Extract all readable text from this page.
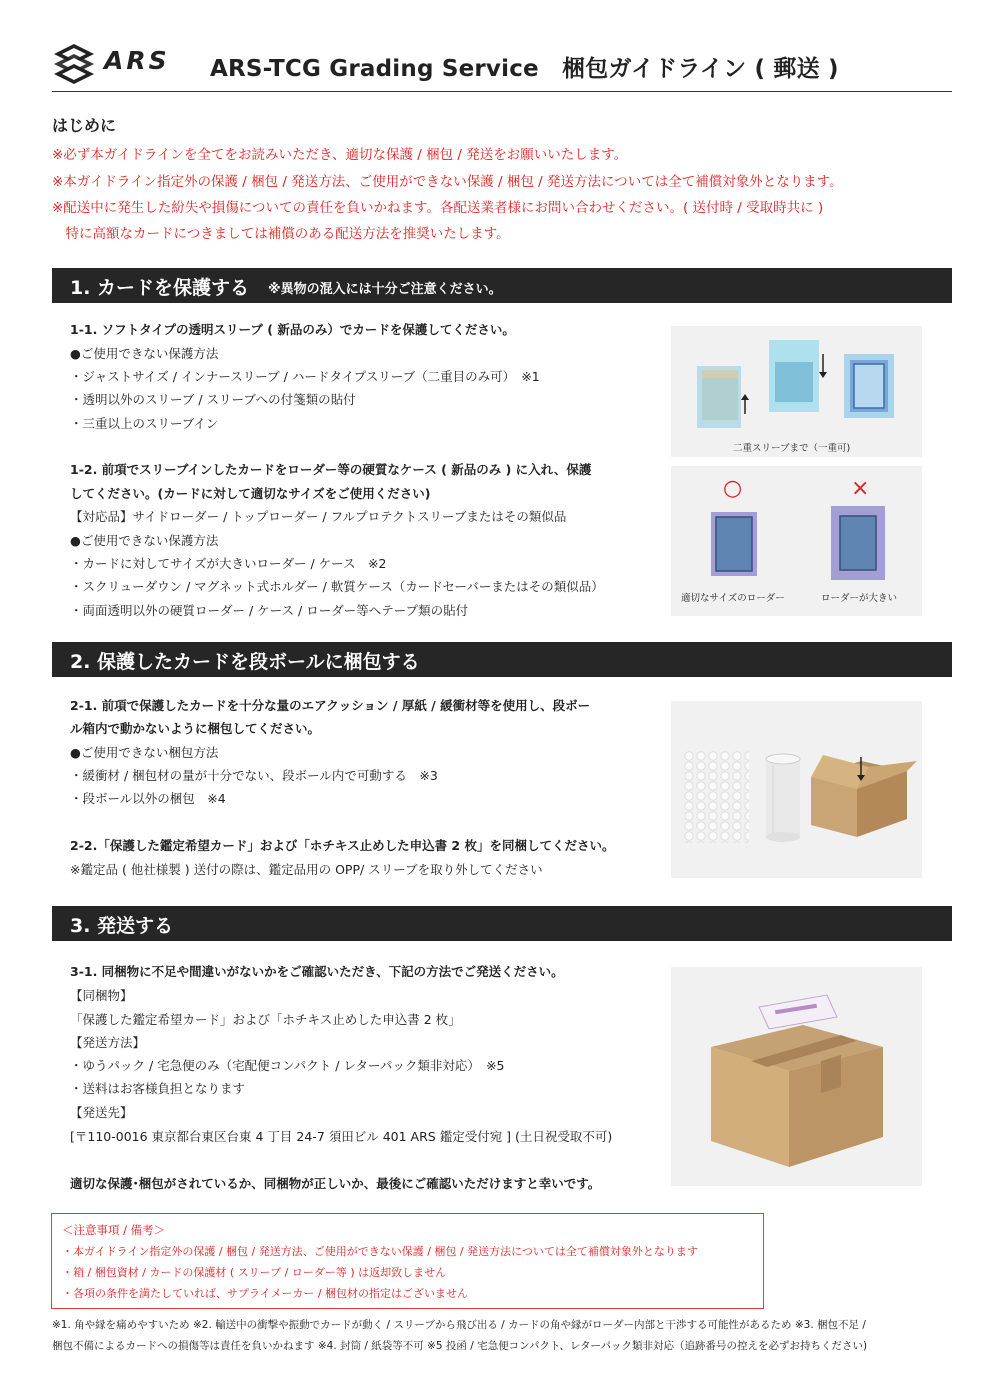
ARS ARS-TCG Grading Service　梱包ガイドライン ( 郵送 )
はじめに
※必ず本ガイドラインを全てをお読みいただき、適切な保護 / 梱包 / 発送をお願いいたします。
※本ガイドライン指定外の保護 / 梱包 / 発送方法、ご使用ができない保護 / 梱包 / 発送方法については全て補償対象外となります。
※配送中に発生した紛失や損傷についての責任を負いかねます。各配送業者様にお問い合わせください。( 送付時 / 受取時共に )
　特に高額なカードにつきましては補償のある配送方法を推奨いたします。
1. カードを保護する ※異物の混入には十分ご注意ください。
1-1. ソフトタイプの透明スリーブ ( 新品のみ）でカードを保護してください。
●ご使用できない保護方法
・ジャストサイズ / インナースリーブ / ハードタイプスリーブ（二重目のみ可）　※1
・透明以外のスリーブ / スリーブへの付箋類の貼付
・三重以上のスリーブイン
1-2. 前項でスリーブインしたカードをローダー等の硬質なケース ( 新品のみ ) に入れ、保護
してください。(カードに対して適切なサイズをご使用ください)
【対応品】サイドローダー / トップローダー / フルプロテクトスリーブまたはその類似品
●ご使用できない保護方法
・カードに対してサイズが大きいローダー / ケース　※2
・スクリューダウン / マグネット式ホルダー / 軟質ケース（カードセーバーまたはその類似品）
・両面透明以外の硬質ローダー / ケース / ローダー等へテープ類の貼付
二重スリーブまで（一重可)
○	×
適切なサイズのローダー	ローダーが大きい
2. 保護したカードを段ボールに梱包する
2-1. 前項で保護したカードを十分な量のエアクッション / 厚紙 / 緩衝材等を使用し、段ボー
ル箱内で動かないように梱包してください。
●ご使用できない梱包方法
・緩衝材 / 梱包材の量が十分でない、段ボール内で可動する　※3
・段ボール以外の梱包　※4
2-2.「保護した鑑定希望カード」および「ホチキス止めした申込書 2 枚」を同梱してください。
※鑑定品 ( 他社様製 ) 送付の際は、鑑定品用の OPP/ スリーブを取り外してください
3. 発送する
3-1. 同梱物に不足や間違いがないかをご確認いただき、下記の方法でご発送ください。
【同梱物】
「保護した鑑定希望カード」および「ホチキス止めした申込書 2 枚」
【発送方法】
・ゆうパック / 宅急便のみ（宅配便コンパクト / レターパック類非対応）　※5
・送料はお客様負担となります
【発送先】
[〒110-0016 東京都台東区台東 4 丁目 24-7 須田ビル 401 ARS 鑑定受付宛 ] (土日祝受取不可)
適切な保護･梱包がされているか、同梱物が正しいか、最後にご確認いただけますと幸いです。
＜注意事項 / 備考＞
・本ガイドライン指定外の保護 / 梱包 / 発送方法、ご使用ができない保護 / 梱包 / 発送方法については全て補償対象外となります
・箱 / 梱包資材 / カードの保護材 ( スリーブ / ローダー等 ) は返却致しません
・各項の条件を満たしていれば、サプライメーカー / 梱包材の指定はございません
※1. 角や縁を痛めやすいため ※2. 輸送中の衝撃や振動でカードが動く / スリーブから飛び出る / カードの角や縁がローダー内部と干渉する可能性があるため ※3. 梱包不足 /
梱包不備によるカードへの損傷等は責任を負いかねます ※4. 封筒 / 紙袋等不可 ※5 投函 / 宅急便コンパクト、レターパック類非対応（追跡番号の控えを必ずお持ちください)
